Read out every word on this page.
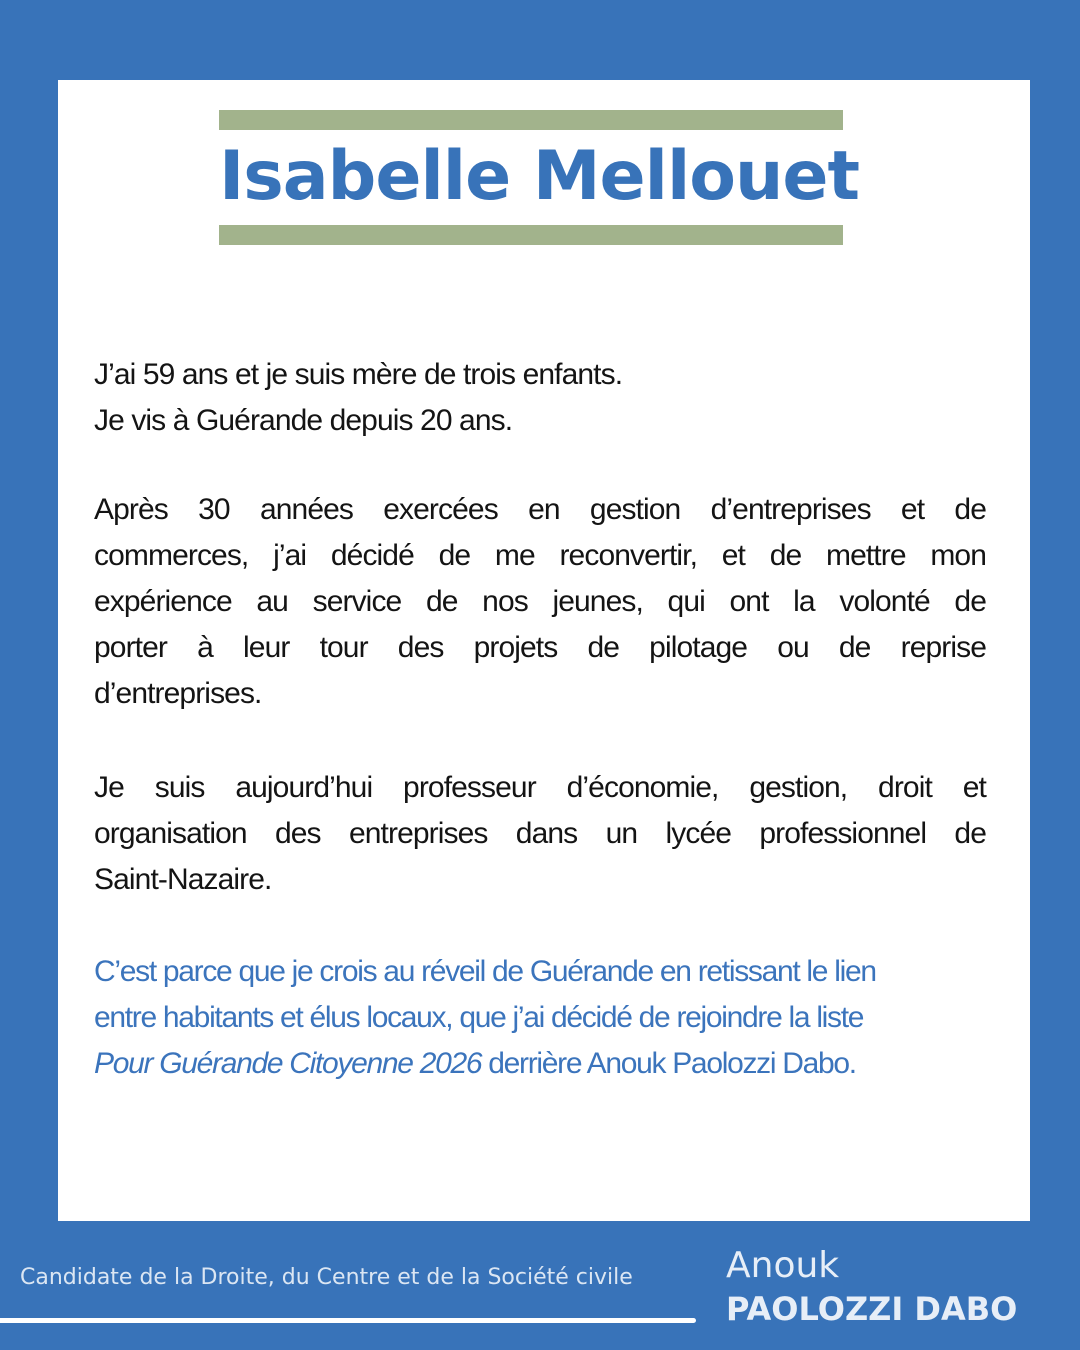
Isabelle Mellouet

J’ai 59 ans et je suis mère de trois enfants.
Je vis à Guérande depuis 20 ans.

Après 30 années exercées en gestion d’entreprises et de
commerces, j’ai décidé de me reconvertir, et de mettre mon
expérience au service de nos jeunes, qui ont la volonté de
porter à leur tour des projets de pilotage ou de reprise
d’entreprises.

Je suis aujourd’hui professeur d’économie, gestion, droit et
organisation des entreprises dans un lycée professionnel de
Saint-Nazaire.

C’est parce que je crois au réveil de Guérande en retissant le lien
entre habitants et élus locaux, que j’ai décidé de rejoindre la liste
Pour Guérande Citoyenne 2026 derrière Anouk Paolozzi Dabo.

Candidate de la Droite, du Centre et de la Société civile	Anouk
PAOLOZZI DABO
